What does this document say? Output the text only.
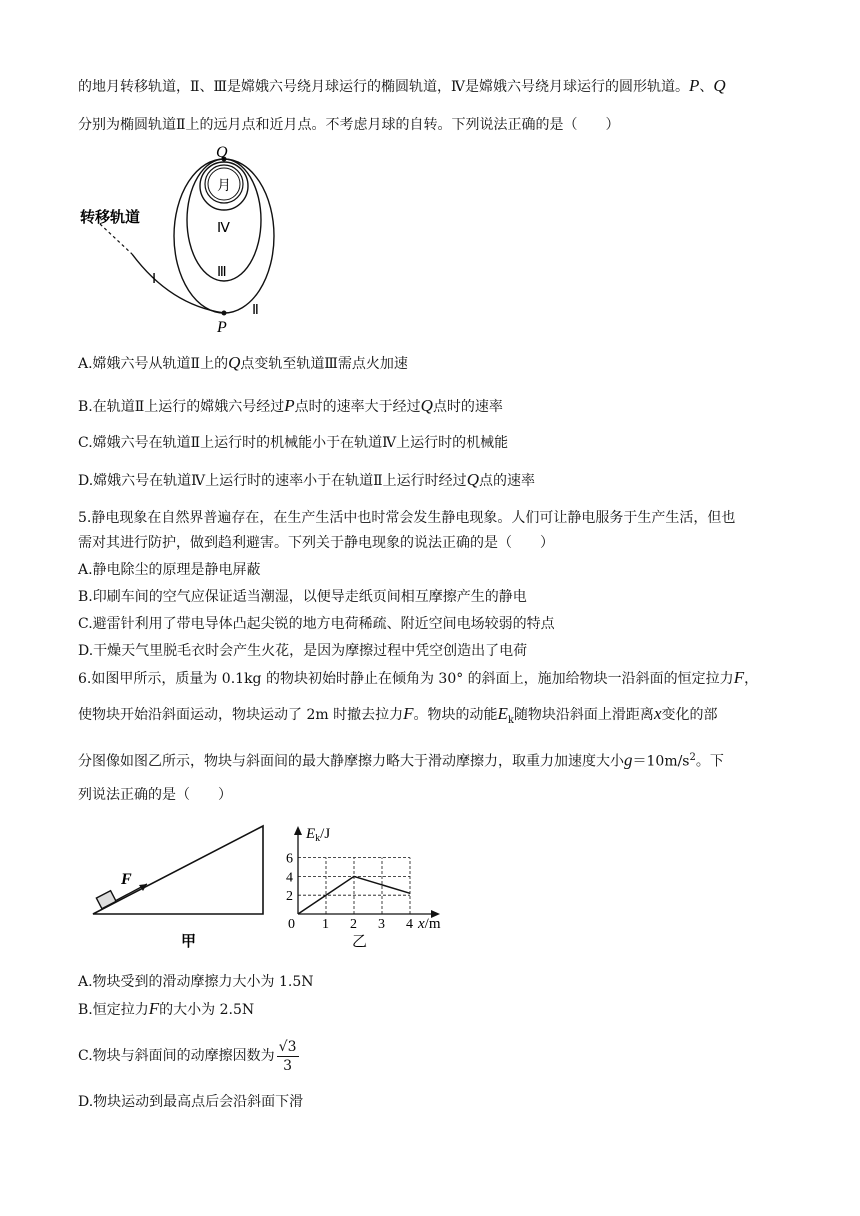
的地月转移轨道，Ⅱ、Ⅲ是嫦娥六号绕月球运行的椭圆轨道，Ⅳ是嫦娥六号绕月球运行的圆形轨道。P、Q
分别为椭圆轨道Ⅱ上的远月点和近月点。不考虑月球的自转。下列说法正确的是（　　）
Q
P
月
Ⅳ
Ⅲ
Ⅱ
Ⅰ
转移轨道
A.嫦娥六号从轨道Ⅱ上的Q点变轨至轨道Ⅲ需点火加速
B.在轨道Ⅱ上运行的嫦娥六号经过P点时的速率大于经过Q点时的速率
C.嫦娥六号在轨道Ⅱ上运行时的机械能小于在轨道Ⅳ上运行时的机械能
D.嫦娥六号在轨道Ⅳ上运行时的速率小于在轨道Ⅱ上运行时经过Q点的速率
5.静电现象在自然界普遍存在，在生产生活中也时常会发生静电现象。人们可让静电服务于生产生活，但也
需对其进行防护，做到趋利避害。下列关于静电现象的说法正确的是（　　）
A.静电除尘的原理是静电屏蔽
B.印刷车间的空气应保证适当潮湿，以便导走纸页间相互摩擦产生的静电
C.避雷针利用了带电导体凸起尖锐的地方电荷稀疏、附近空间电场较弱的特点
D.干燥天气里脱毛衣时会产生火花，是因为摩擦过程中凭空创造出了电荷
6.如图甲所示，质量为 0.1kg 的物块初始时静止在倾角为 30° 的斜面上，施加给物块一沿斜面的恒定拉力F，
使物块开始沿斜面运动，物块运动了 2m 时撤去拉力F。物块的动能$E_k$随物块沿斜面上滑距离x变化的部
分图像如图乙所示，物块与斜面间的最大静摩擦力略大于滑动摩擦力，取重力加速度大小$g=10m/s^2$。下
列说法正确的是（　　）
F
甲
1 2 3 4
2
4
6
0
$E_k/J$
x/m
乙
A.物块受到的滑动摩擦力大小为 1.5N
B.恒定拉力F的大小为 2.5N
C.物块与斜面间的动摩擦因数为 $\frac{√3}{3}$
D.物块运动到最高点后会沿斜面下滑
